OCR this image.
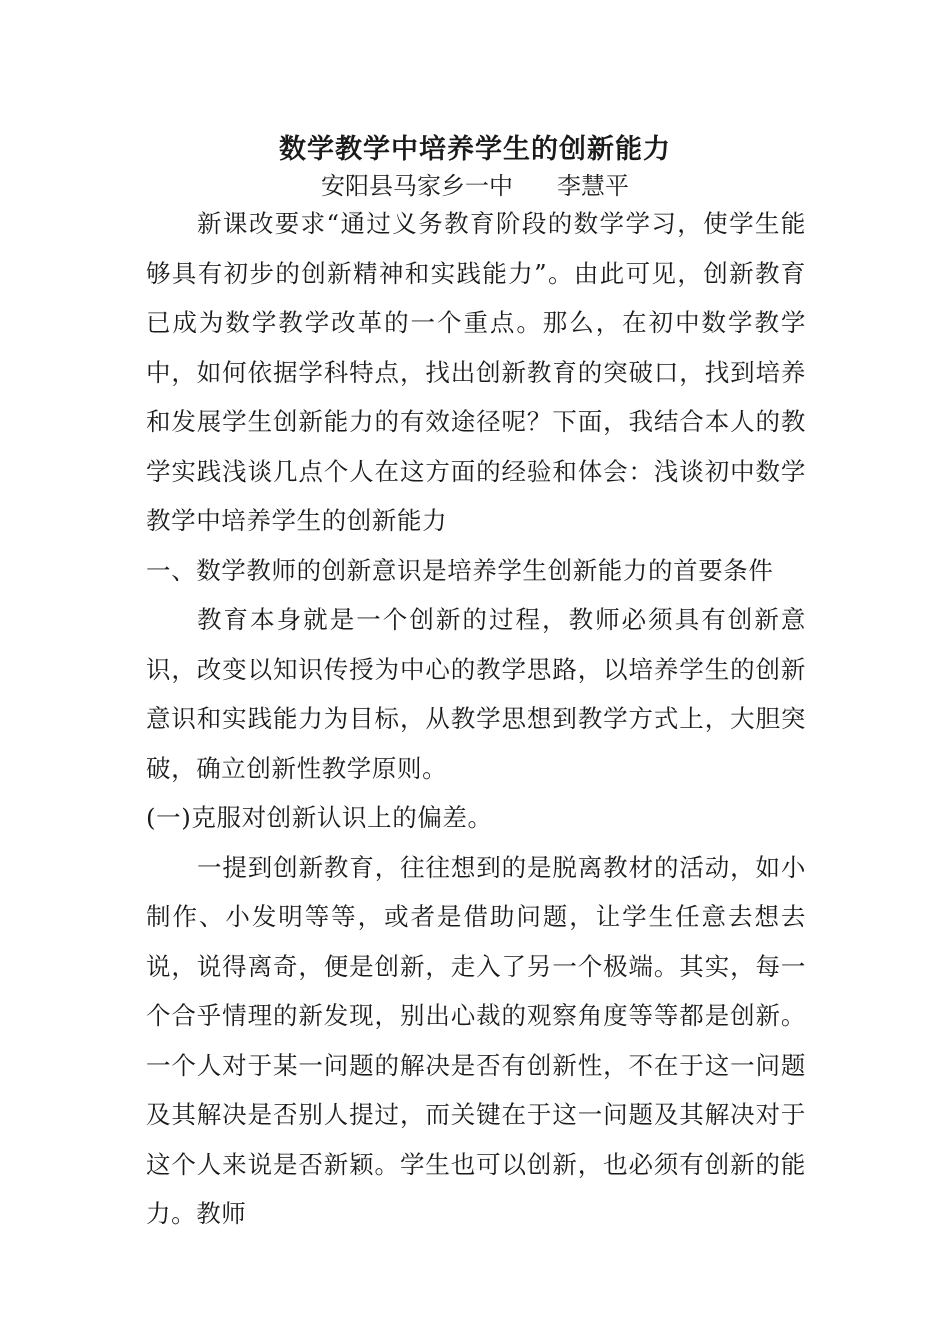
数学教学中培养学生的创新能力
安阳县马家乡一中 李慧平

新课改要求“通过义务教育阶段的数学学习，使学生能够具有初步的创新精神和实践能力”。由此可见，创新教育已成为数学教学改革的一个重点。那么，在初中数学教学中，如何依据学科特点，找出创新教育的突破口，找到培养和发展学生创新能力的有效途径呢？下面，我结合本人的教学实践浅谈几点个人在这方面的经验和体会：浅谈初中数学教学中培养学生的创新能力

一、数学教师的创新意识是培养学生创新能力的首要条件

教育本身就是一个创新的过程，教师必须具有创新意识，改变以知识传授为中心的教学思路，以培养学生的创新意识和实践能力为目标，从教学思想到教学方式上，大胆突破，确立创新性教学原则。

(一)克服对创新认识上的偏差。

一提到创新教育，往往想到的是脱离教材的活动，如小制作、小发明等等，或者是借助问题，让学生任意去想去说，说得离奇，便是创新，走入了另一个极端。其实，每一个合乎情理的新发现，别出心裁的观察角度等等都是创新。一个人对于某一问题的解决是否有创新性，不在于这一问题及其解决是否别人提过，而关键在于这一问题及其解决对于这个人来说是否新颖。学生也可以创新，也必须有创新的能力。教师
